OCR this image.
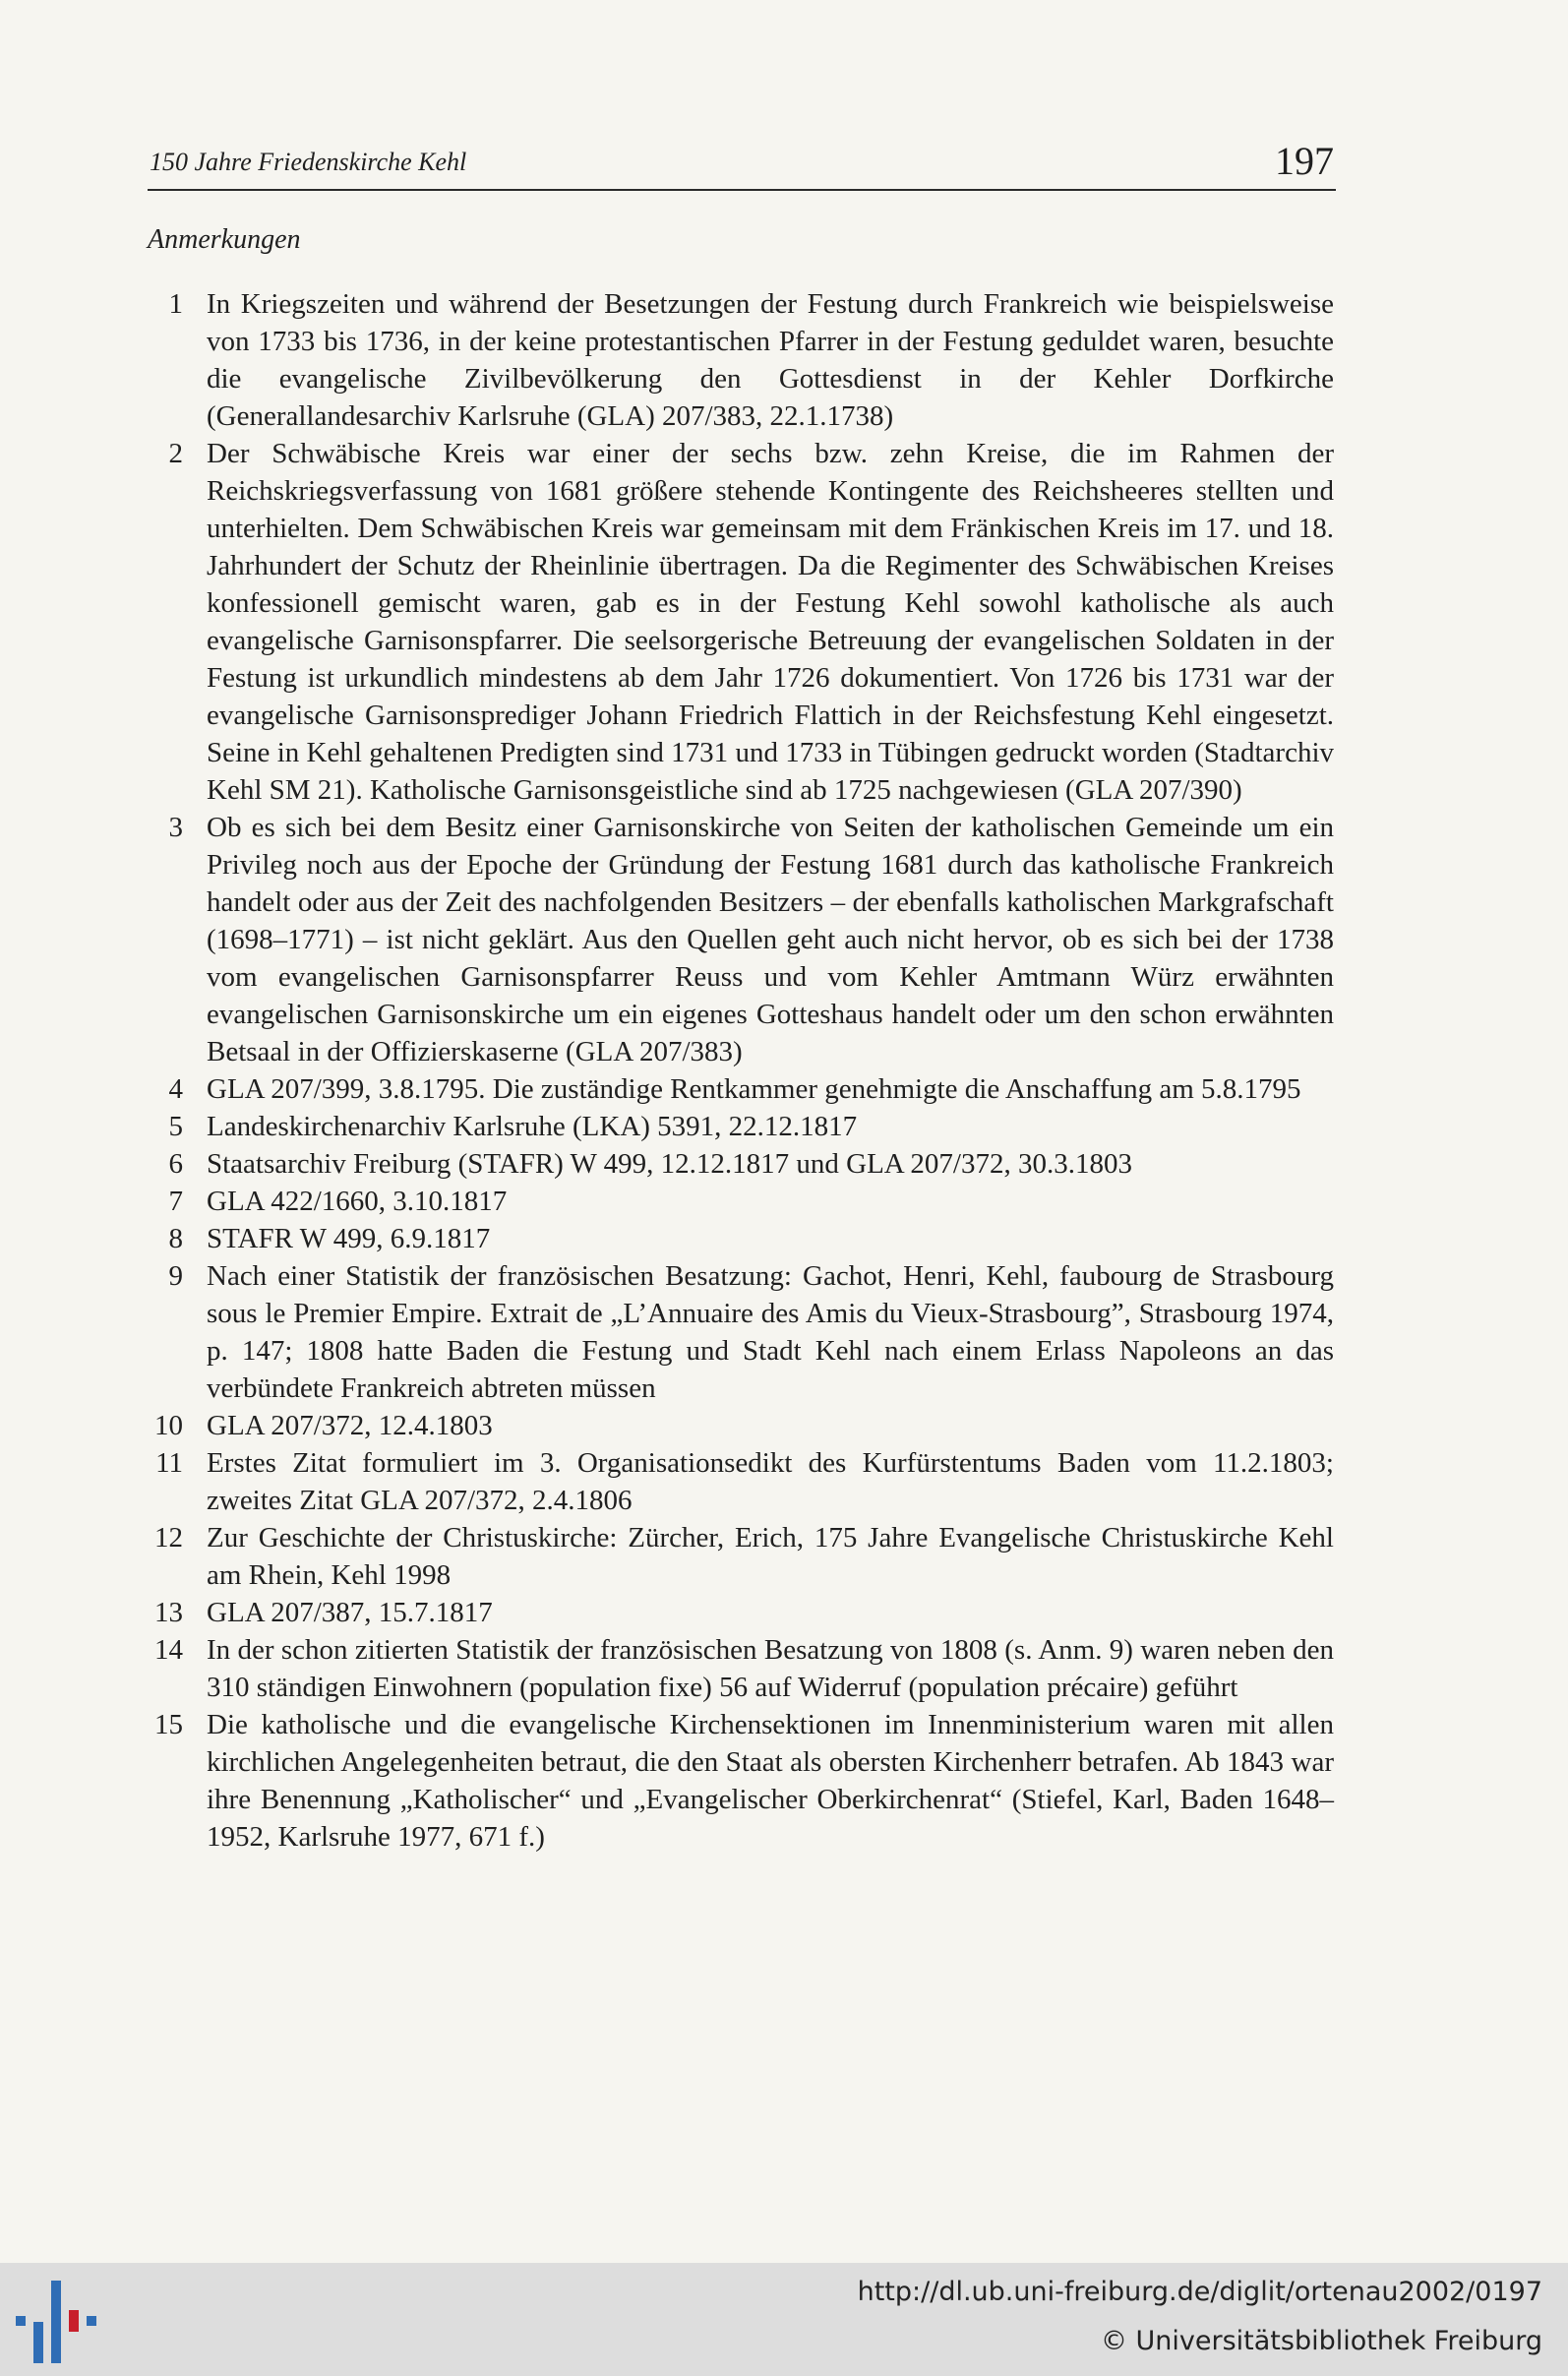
150 Jahre Friedenskirche Kehl	197
Anmerkungen
1 In Kriegszeiten und während der Besetzungen der Festung durch Frankreich wie beispielsweise von 1733 bis 1736, in der keine protestantischen Pfarrer in der Festung geduldet waren, besuchte die evangelische Zivilbevölkerung den Gottesdienst in der Kehler Dorfkirche (Generallandesarchiv Karlsruhe (GLA) 207/383, 22.1.1738)
2 Der Schwäbische Kreis war einer der sechs bzw. zehn Kreise, die im Rahmen der Reichskriegsverfassung von 1681 größere stehende Kontingente des Reichsheeres stellten und unterhielten. Dem Schwäbischen Kreis war gemeinsam mit dem Fränkischen Kreis im 17. und 18. Jahrhundert der Schutz der Rheinlinie übertragen. Da die Regimenter des Schwäbischen Kreises konfessionell gemischt waren, gab es in der Festung Kehl sowohl katholische als auch evangelische Garnisonspfarrer. Die seelsorgerische Betreuung der evangelischen Soldaten in der Festung ist urkundlich mindestens ab dem Jahr 1726 dokumentiert. Von 1726 bis 1731 war der evangelische Garnisonsprediger Johann Friedrich Flattich in der Reichsfestung Kehl eingesetzt. Seine in Kehl gehaltenen Predigten sind 1731 und 1733 in Tübingen gedruckt worden (Stadtarchiv Kehl SM 21). Katholische Garnisonsgeistliche sind ab 1725 nachgewiesen (GLA 207/390)
3 Ob es sich bei dem Besitz einer Garnisonskirche von Seiten der katholischen Gemeinde um ein Privileg noch aus der Epoche der Gründung der Festung 1681 durch das katholische Frankreich handelt oder aus der Zeit des nachfolgenden Besitzers – der ebenfalls katholischen Markgrafschaft (1698–1771) – ist nicht geklärt. Aus den Quellen geht auch nicht hervor, ob es sich bei der 1738 vom evangelischen Garnisonspfarrer Reuss und vom Kehler Amtmann Würz erwähnten evangelischen Garnisonskirche um ein eigenes Gotteshaus handelt oder um den schon erwähnten Betsaal in der Offizierskaserne (GLA 207/383)
4 GLA 207/399, 3.8.1795. Die zuständige Rentkammer genehmigte die Anschaffung am 5.8.1795
5 Landeskirchenarchiv Karlsruhe (LKA) 5391, 22.12.1817
6 Staatsarchiv Freiburg (STAFR) W 499, 12.12.1817 und GLA 207/372, 30.3.1803
7 GLA 422/1660, 3.10.1817
8 STAFR W 499, 6.9.1817
9 Nach einer Statistik der französischen Besatzung: Gachot, Henri, Kehl, faubourg de Strasbourg sous le Premier Empire. Extrait de „L’Annuaire des Amis du Vieux-Strasbourg”, Strasbourg 1974, p. 147; 1808 hatte Baden die Festung und Stadt Kehl nach einem Erlass Napoleons an das verbündete Frankreich abtreten müssen
10 GLA 207/372, 12.4.1803
11 Erstes Zitat formuliert im 3. Organisationsedikt des Kurfürstentums Baden vom 11.2.1803; zweites Zitat GLA 207/372, 2.4.1806
12 Zur Geschichte der Christuskirche: Zürcher, Erich, 175 Jahre Evangelische Christuskirche Kehl am Rhein, Kehl 1998
13 GLA 207/387, 15.7.1817
14 In der schon zitierten Statistik der französischen Besatzung von 1808 (s. Anm. 9) waren neben den 310 ständigen Einwohnern (population fixe) 56 auf Widerruf (population précaire) geführt
15 Die katholische und die evangelische Kirchensektionen im Innenministerium waren mit allen kirchlichen Angelegenheiten betraut, die den Staat als obersten Kirchenherr betrafen. Ab 1843 war ihre Benennung „Katholischer“ und „Evangelischer Oberkirchenrat“ (Stiefel, Karl, Baden 1648–1952, Karlsruhe 1977, 671 f.)
http://dl.ub.uni-freiburg.de/diglit/ortenau2002/0197
© Universitätsbibliothek Freiburg
